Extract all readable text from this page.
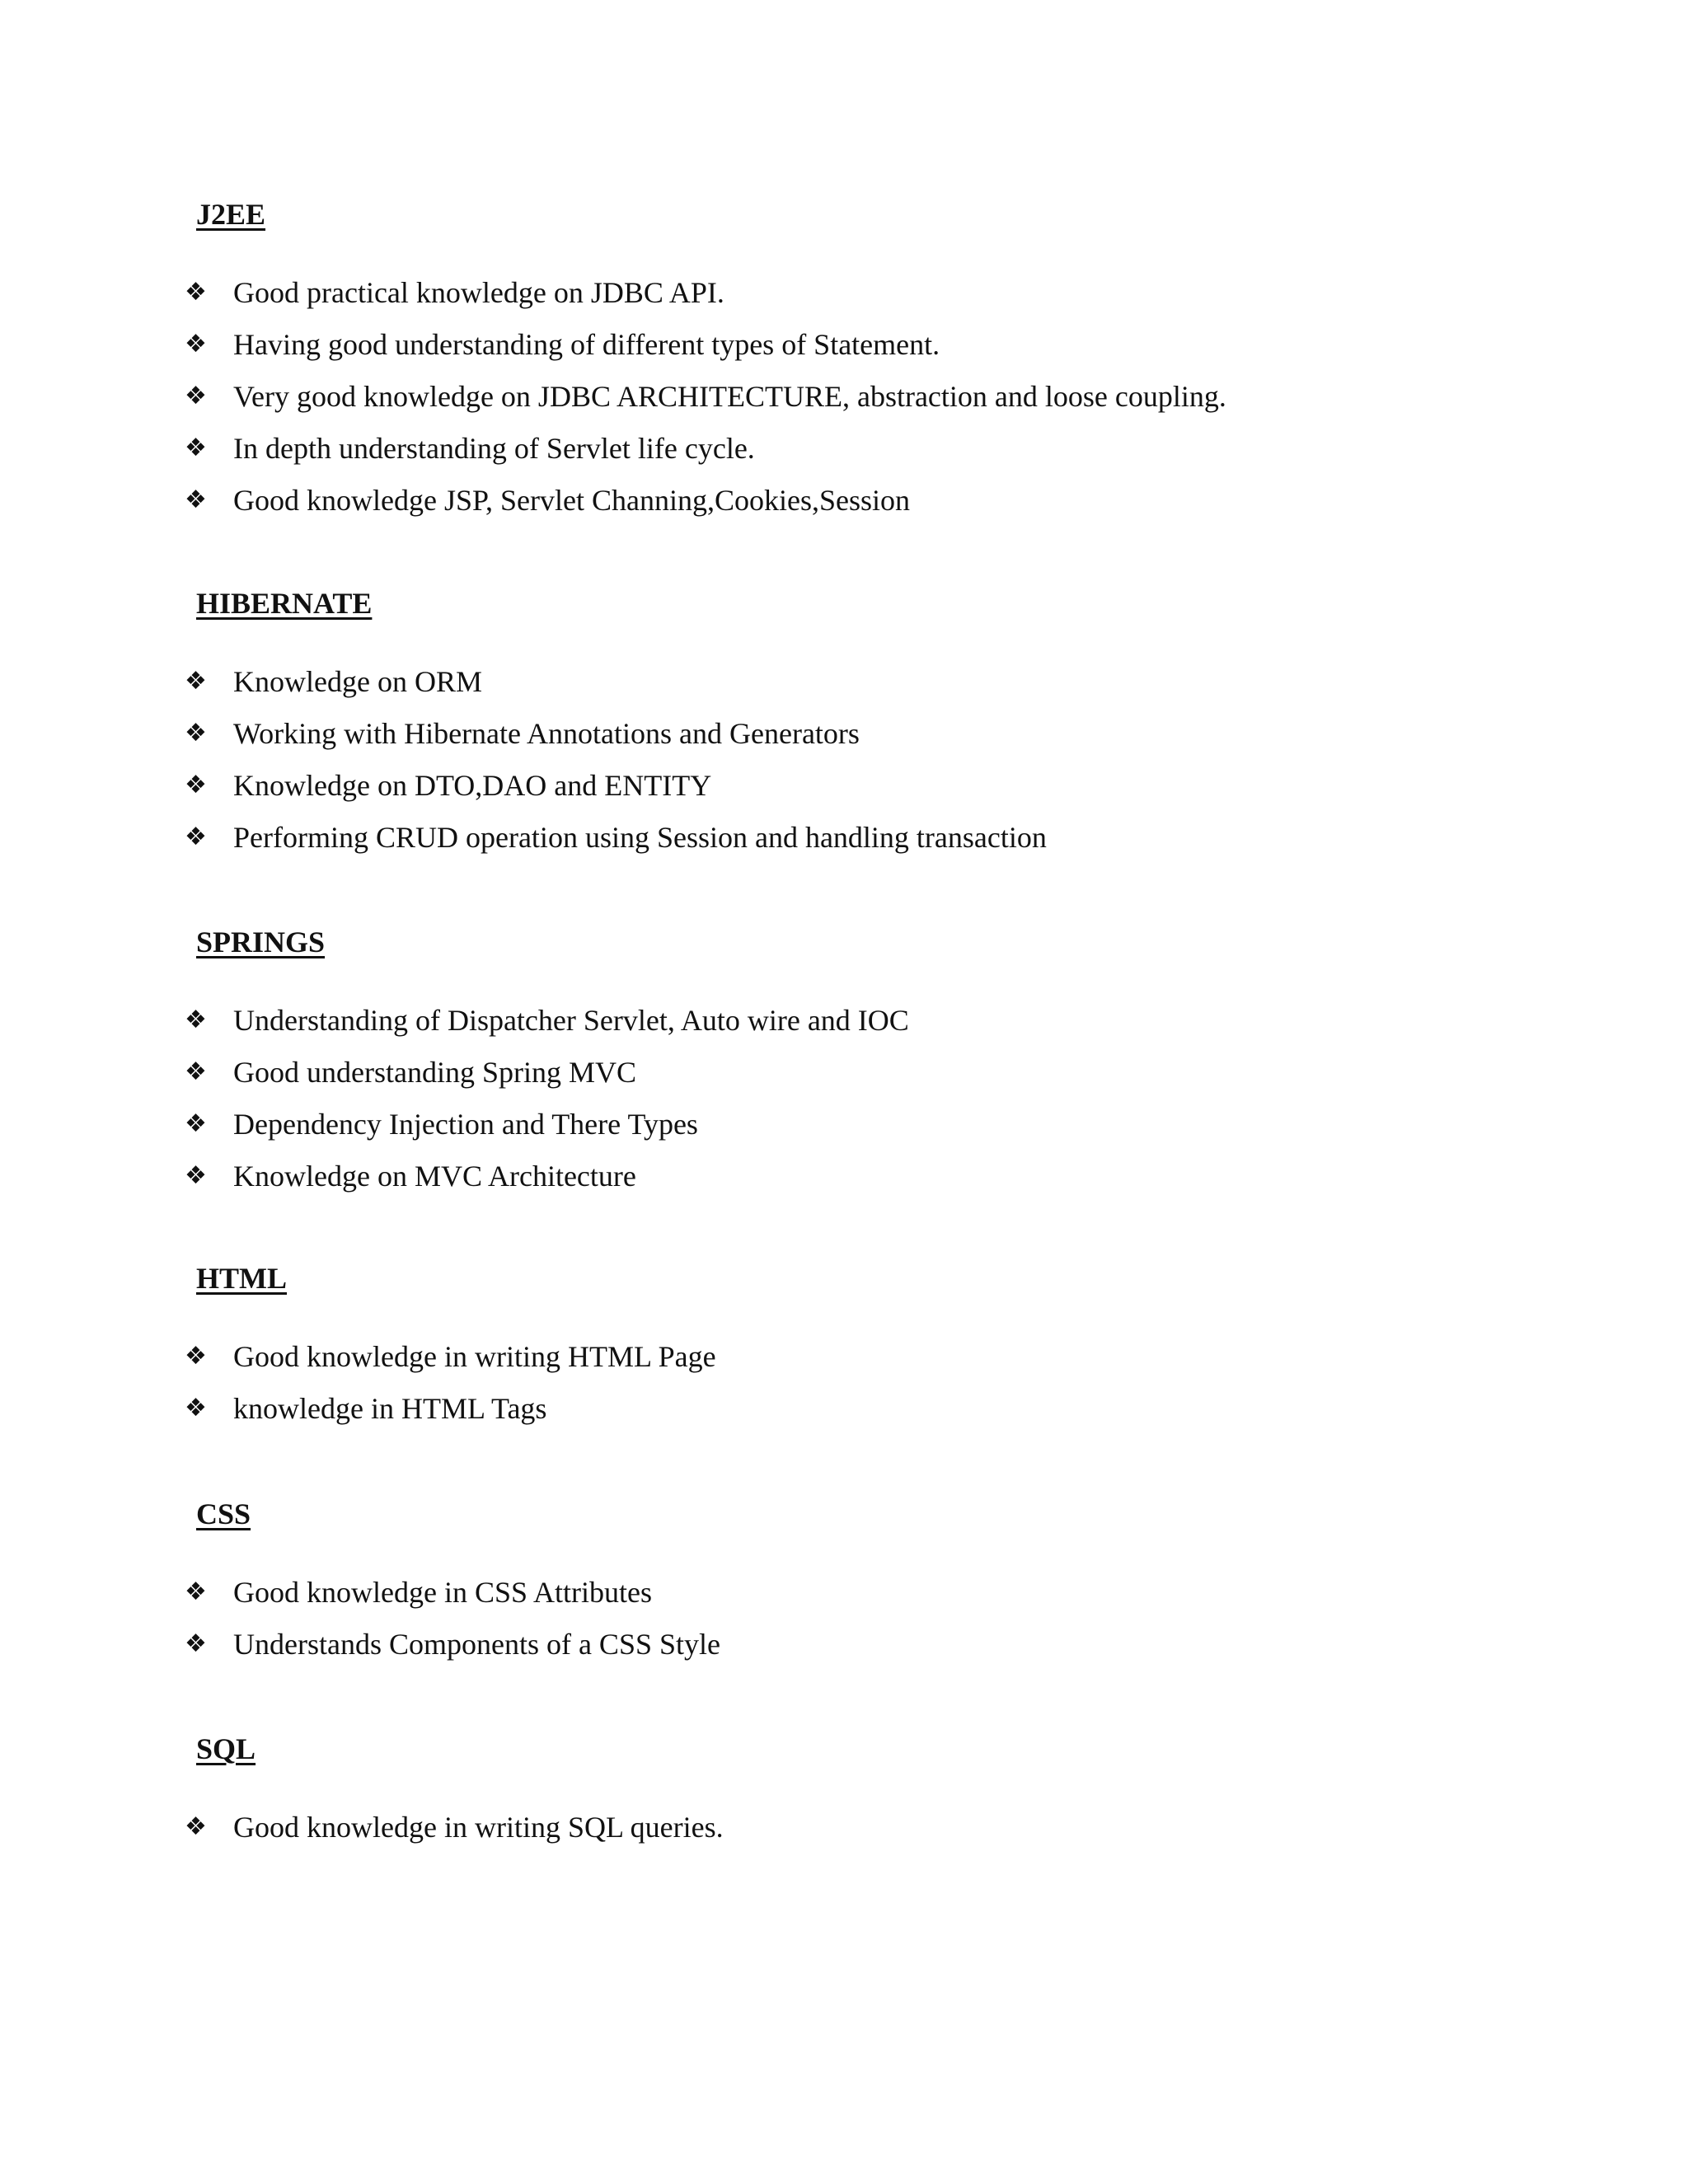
J2EE
❖ Good practical knowledge on JDBC API.
❖ Having good understanding of different types of Statement.
❖ Very good knowledge on JDBC ARCHITECTURE, abstraction and loose coupling.
❖ In depth understanding of Servlet life cycle.
❖ Good knowledge JSP, Servlet Channing,Cookies,Session
HIBERNATE
❖ Knowledge on ORM
❖ Working with Hibernate Annotations and Generators
❖ Knowledge on DTO,DAO and ENTITY
❖ Performing CRUD operation using Session and handling transaction
SPRINGS
❖ Understanding of Dispatcher Servlet, Auto wire and IOC
❖ Good understanding Spring MVC
❖ Dependency Injection and There Types
❖ Knowledge on MVC Architecture
HTML
❖ Good knowledge in writing HTML Page
❖ knowledge in HTML Tags
CSS
❖ Good knowledge in CSS Attributes
❖ Understands Components of a CSS Style
SQL
❖ Good knowledge in writing SQL queries.
